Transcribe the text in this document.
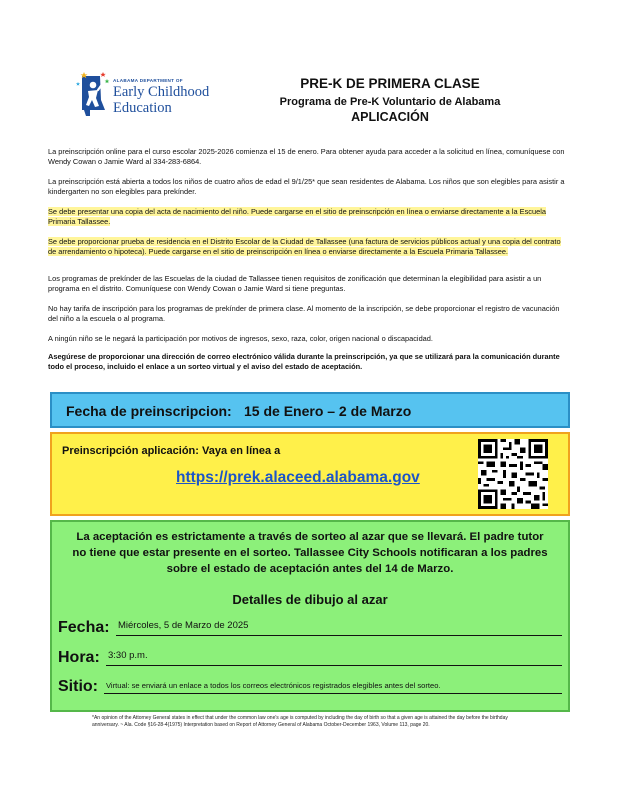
ALABAMA DEPARTMENT OF
Early Childhood
Education
PRE-K DE PRIMERA CLASE
Programa de Pre-K Voluntario de Alabama
APLICACIÓN
La preinscripción online para el curso escolar 2025-2026 comienza el 15 de enero. Para obtener ayuda para acceder a la solicitud en línea, comuníquese con Wendy Cowan o Jamie Ward al 334-283-6864.
La preinscripción está abierta a todos los niños de cuatro años de edad el 9/1/25* que sean residentes de Alabama. Los niños que son elegibles para asistir a kindergarten no son elegibles para prekínder.
Se debe presentar una copia del acta de nacimiento del niño. Puede cargarse en el sitio de preinscripción en línea o enviarse directamente a la Escuela Primaria Tallassee.
Se debe proporcionar prueba de residencia en el Distrito Escolar de la Ciudad de Tallassee (una factura de servicios públicos actual y una copia del contrato de arrendamiento o hipoteca). Puede cargarse en el sitio de preinscripción en línea o enviarse directamente a la Escuela Primaria Tallassee.
Los programas de prekínder de las Escuelas de la ciudad de Tallassee tienen requisitos de zonificación que determinan la elegibilidad para asistir a un programa en el distrito. Comuníquese con Wendy Cowan o Jamie Ward si tiene preguntas.
No hay tarifa de inscripción para los programas de prekínder de primera clase. Al momento de la inscripción, se debe proporcionar el registro de vacunación del niño a la escuela o al programa.
A ningún niño se le negará la participación por motivos de ingresos, sexo, raza, color, origen nacional o discapacidad.
Asegúrese de proporcionar una dirección de correo electrónico válida durante la preinscripción, ya que se utilizará para la comunicación durante todo el proceso, incluido el enlace a un sorteo virtual y el aviso del estado de aceptación.
Fecha de preinscripcion: 15 de Enero – 2 de Marzo
Preinscripción aplicación: Vaya en línea a
https://prek.alaceed.alabama.gov
La aceptación es estrictamente a través de sorteo al azar que se llevará. El padre tutor no tiene que estar presente en el sorteo. Tallassee City Schools notificaran a los padres sobre el estado de aceptación antes del 14 de Marzo.
Detalles de dibujo al azar
Fecha: Miércoles, 5 de Marzo de 2025
Hora: 3:30 p.m.
Sitio: Virtual: se enviará un enlace a todos los correos electrónicos registrados elegibles antes del sorteo.
*An opinion of the Attorney General states in effect that under the common law one's age is computed by including the day of birth so that a given age is attained the day before the birthday anniversary. ~ Ala. Code §16-28-4(1975) Interpretation based on Report of Attorney General of Alabama October-December 1963, Volume 113, page 20.
